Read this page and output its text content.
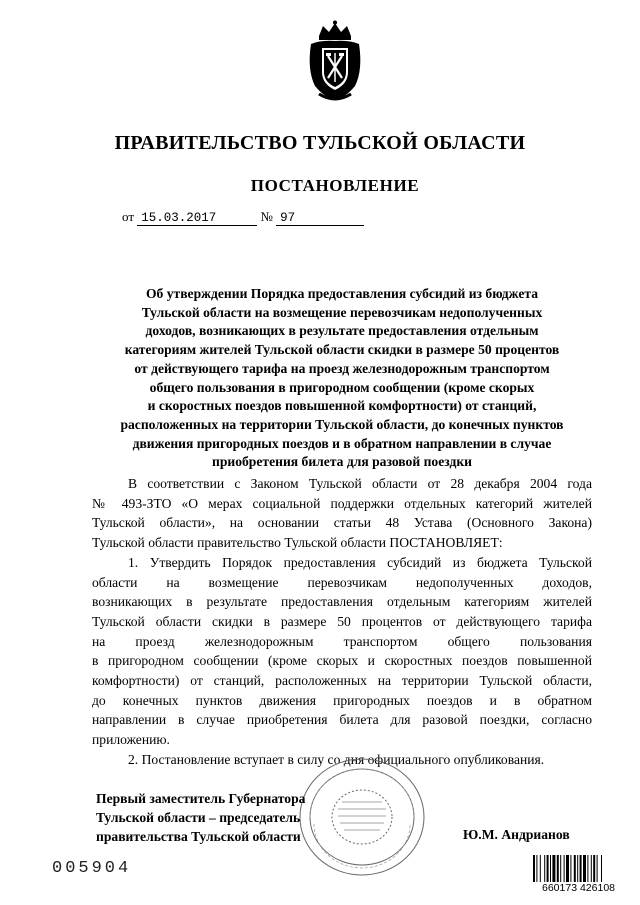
ПРАВИТЕЛЬСТВО ТУЛЬСКОЙ ОБЛАСТИ
ПОСТАНОВЛЕНИЕ
от 15.03.2017	№ 97
Об утверждении Порядка предоставления субсидий из бюджета
Тульской области на возмещение перевозчикам недополученных
доходов, возникающих в результате предоставления отдельным
категориям жителей Тульской области скидки в размере 50 процентов
от действующего тарифа на проезд железнодорожным транспортом
общего пользования в пригородном сообщении (кроме скорых
и скоростных поездов повышенной комфортности) от станций,
расположенных на территории Тульской области, до конечных пунктов
движения пригородных поездов и в обратном направлении в случае
приобретения билета для разовой поездки
В соответствии с Законом Тульской области от 28 декабря 2004 года
№ 493-ЗТО «О мерах социальной поддержки отдельных категорий жителей
Тульской области», на основании статьи 48 Устава (Основного Закона)
Тульской области правительство Тульской области ПОСТАНОВЛЯЕТ:
1. Утвердить Порядок предоставления субсидий из бюджета Тульской
области на возмещение перевозчикам недополученных доходов,
возникающих в результате предоставления отдельным категориям жителей
Тульской области скидки в размере 50 процентов от действующего тарифа
на проезд железнодорожным транспортом общего пользования
в пригородном сообщении (кроме скорых и скоростных поездов повышенной
комфортности) от станций, расположенных на территории Тульской области,
до конечных пунктов движения пригородных поездов и в обратном
направлении в случае приобретения билета для разовой поездки, согласно
приложению.
2. Постановление вступает в силу со дня официального опубликования.
Первый заместитель Губернатора
Тульской области – председатель
правительства Тульской области	Ю.М. Андрианов
005904
660173 426108
